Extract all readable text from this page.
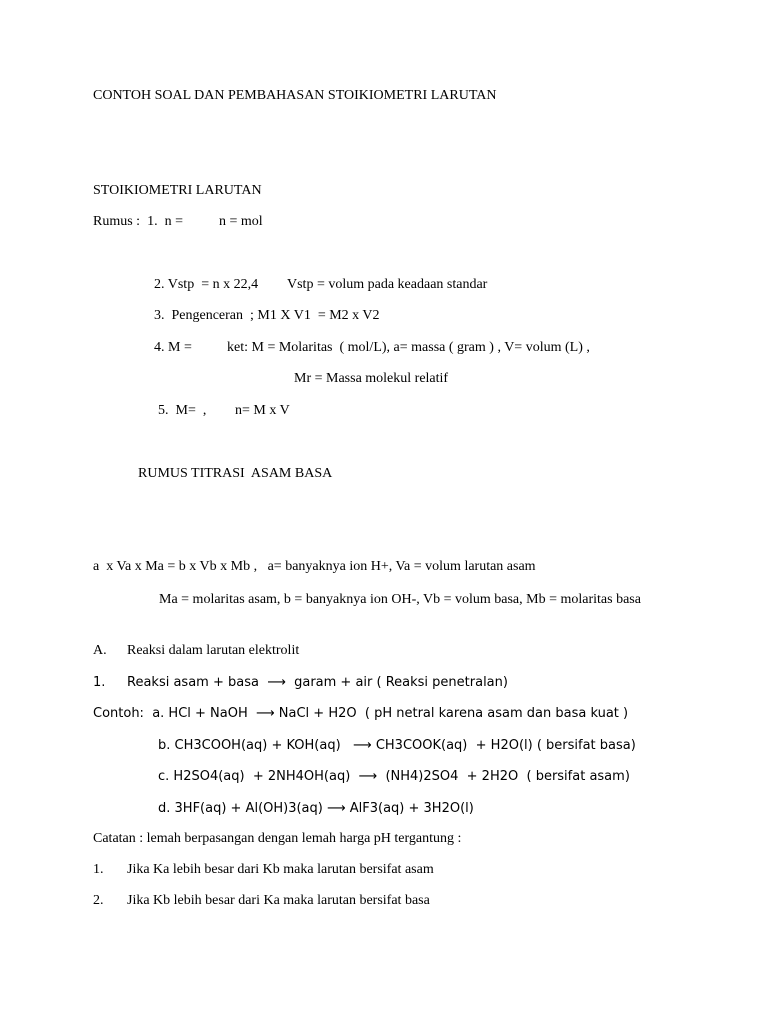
CONTOH SOAL DAN PEMBAHASAN STOIKIOMETRI LARUTAN
STOIKIOMETRI LARUTAN
Rumus :  1.  n =	n = mol
2. Vstp  = n x 22,4 Vstp = volum pada keadaan standar
3.  Pengenceran  ; M1 X V1  = M2 x V2
4. M =	ket: M = Molaritas  ( mol/L), a= massa ( gram ) , V= volum (L) ,
Mr = Massa molekul relatif
5.  M=  , n= M x V
RUMUS TITRASI  ASAM BASA
a  x Va x Ma = b x Vb x Mb ,   a= banyaknya ion H+, Va = volum larutan asam
Ma = molaritas asam, b = banyaknya ion OH-, Vb = volum basa, Mb = molaritas basa
A. Reaksi dalam larutan elektrolit
1. Reaksi asam + basa  ⟶  garam + air ( Reaksi penetralan)
Contoh:  a. HCl + NaOH  ⟶ NaCl + H2O  ( pH netral karena asam dan basa kuat )
b. CH3COOH(aq) + KOH(aq)   ⟶ CH3COOK(aq)  + H2O(l) ( bersifat basa)
c. H2SO4(aq)  + 2NH4OH(aq)  ⟶  (NH4)2SO4  + 2H2O  ( bersifat asam)
d. 3HF(aq) + Al(OH)3(aq) ⟶ AlF3(aq) + 3H2O(l)
Catatan : lemah berpasangan dengan lemah harga pH tergantung :
1. Jika Ka lebih besar dari Kb maka larutan bersifat asam
2. Jika Kb lebih besar dari Ka maka larutan bersifat basa
